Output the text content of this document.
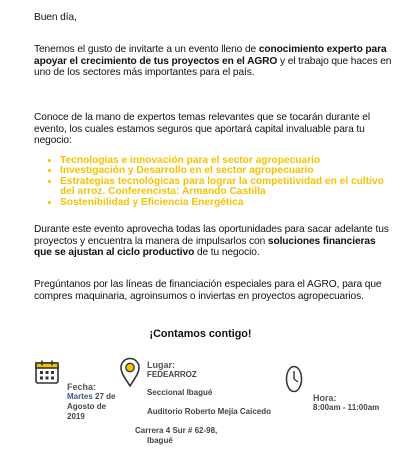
Buen día,
Tenemos el gusto de invitarte a un evento lleno de conocimiento experto para apoyar el crecimiento de tus proyectos en el AGRO y el trabajo que haces en uno de los sectores más importantes para el país.
Conoce de la mano de expertos temas relevantes que se tocarán durante el evento, los cuales estamos seguros que aportará capital invaluable para tu negocio:
• Tecnologías e innovación para el sector agropecuario
• Investigación y Desarrollo en el sector agropecuario
• Estrategias tecnológicas para lograr la competitividad en el cultivo del arroz. Conferencista: Armando Castilla
• Sostenibilidad y Eficiencia Energética
Durante este evento aprovecha todas las oportunidades para sacar adelante tus proyectos y encuentra la manera de impulsarlos con soluciones financieras que se ajustan al ciclo productivo de tu negocio.
Pregúntanos por las líneas de financiación especiales para el AGRO, para que compres maquinaria, agroinsumos o inviertas en proyectos agropecuarios.
¡Contamos contigo!
Fecha:
Martes 27 de
Agosto de
2019
Lugar:
FEDEARROZ
Seccional Ibagué
Auditorio Roberto Mejía Caicedo
Carrera 4 Sur # 62-98,
Ibagué
Hora:
8:00am - 11:00am
